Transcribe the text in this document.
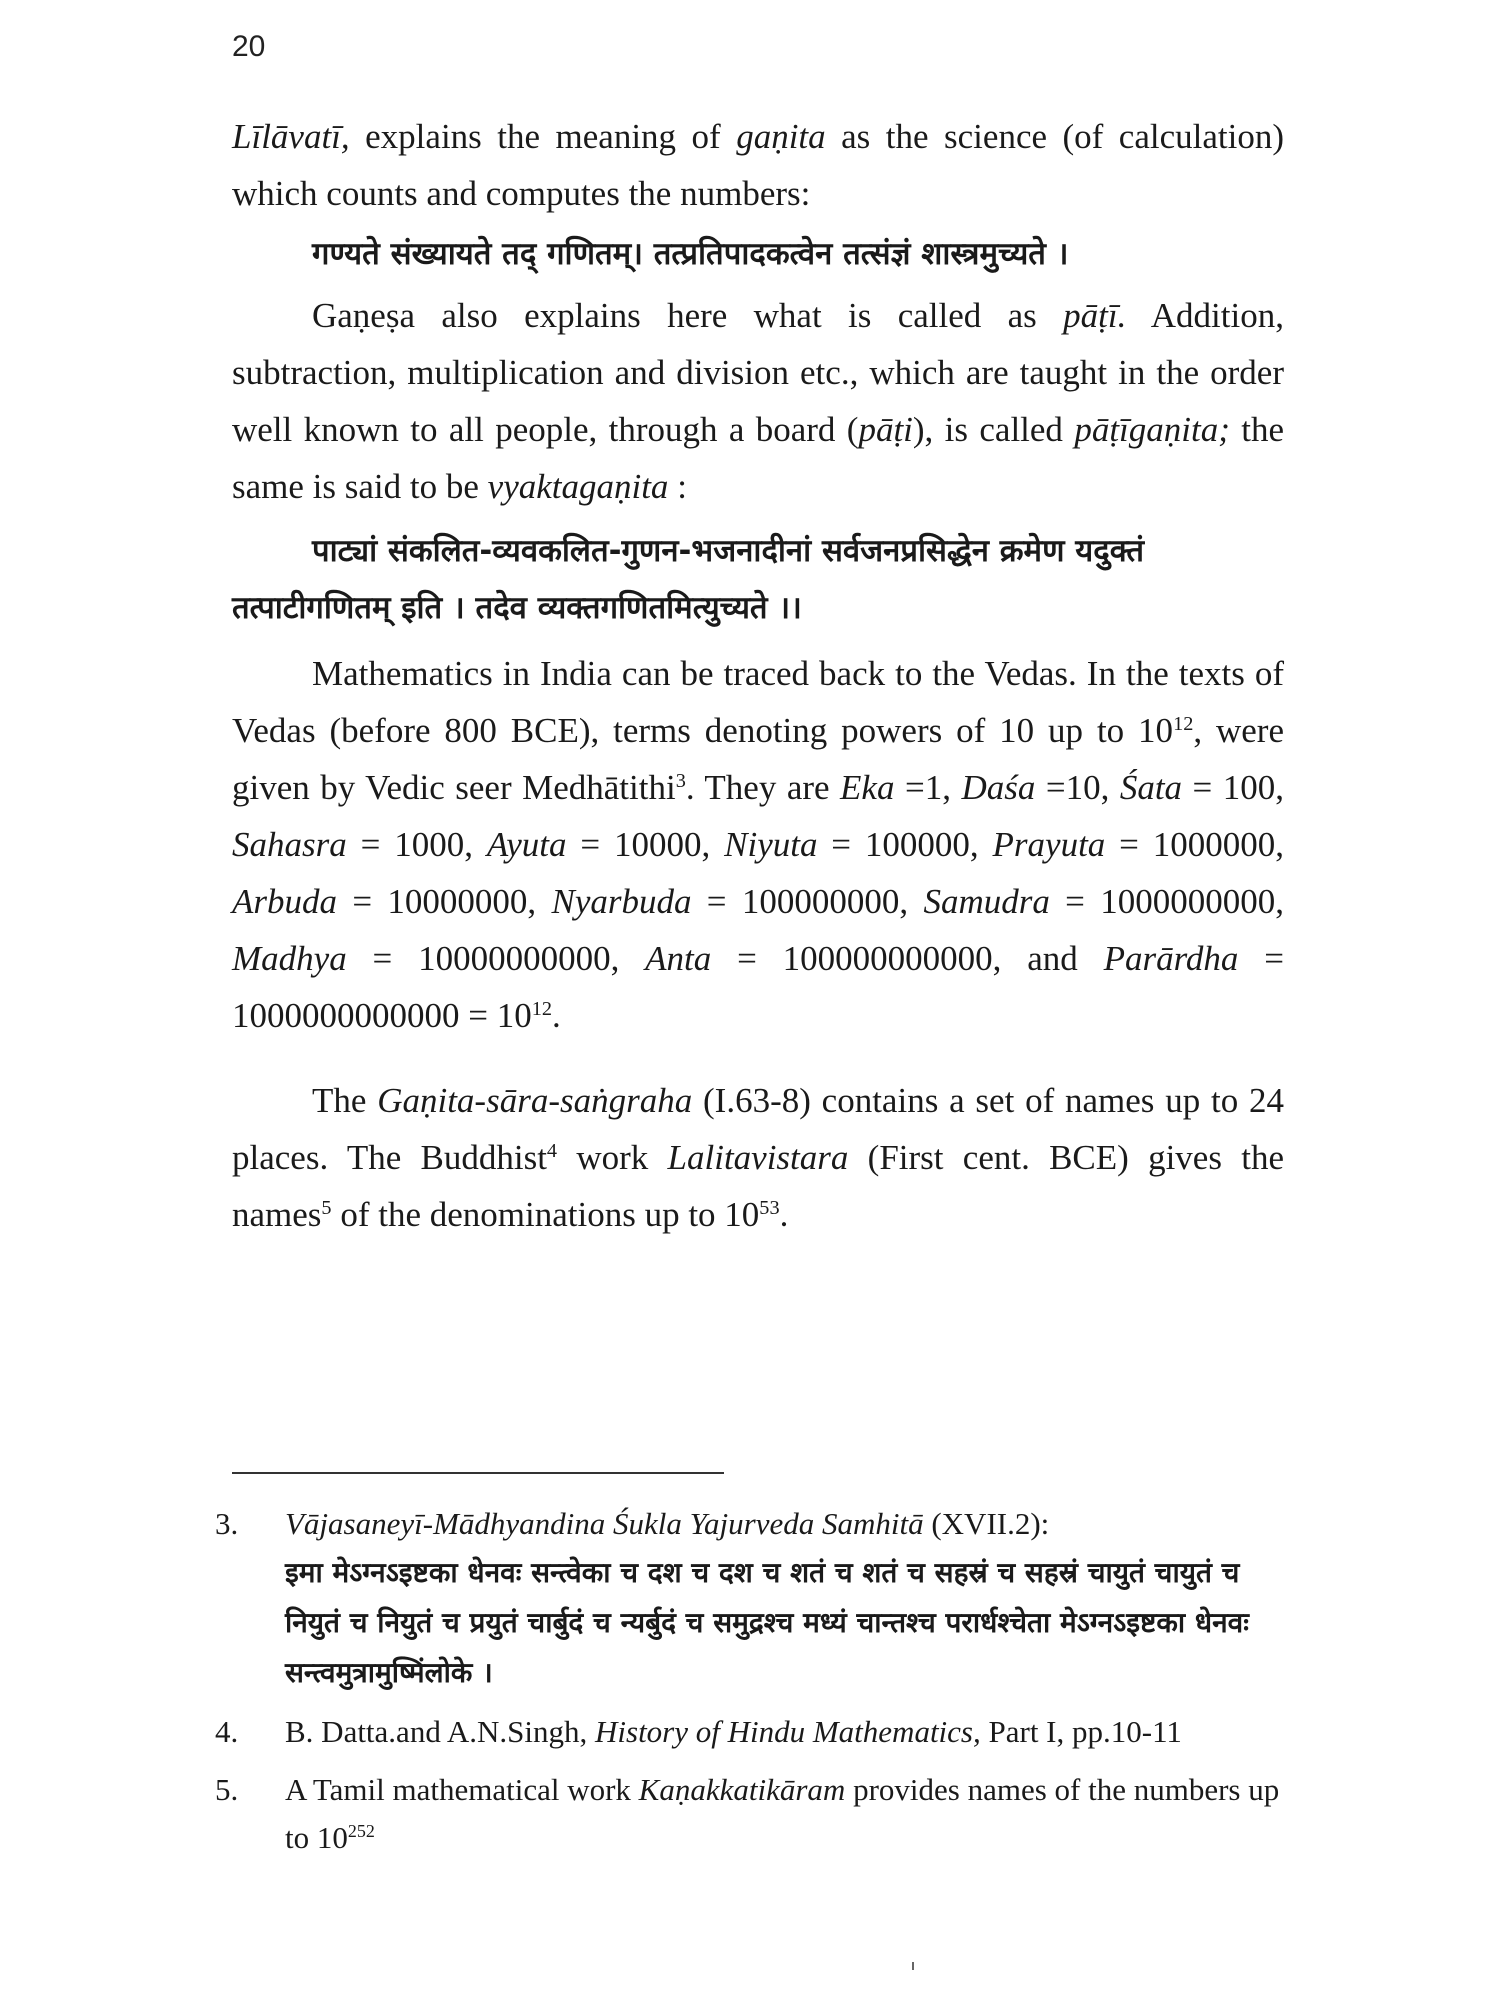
20

Līlāvatī, explains the meaning of gaṇita as the science (of calculation) which counts and computes the numbers:

गण्यते संख्यायते तद् गणितम्। तत्प्रतिपादकत्वेन तत्संज्ञं शास्त्रमुच्यते ।

Gaṇeṣa also explains here what is called as pāṭī. Addition, subtraction, multiplication and division etc., which are taught in the order well known to all people, through a board (pāṭi), is called pāṭīgaṇita; the same is said to be vyaktagaṇita :

पाट्यां संकलित-व्यवकलित-गुणन-भजनादीनां सर्वजनप्रसिद्धेन क्रमेण यदुक्तं
तत्पाटीगणितम् इति । तदेव व्यक्तगणितमित्युच्यते ।।

Mathematics in India can be traced back to the Vedas. In the texts of Vedas (before 800 BCE), terms denoting powers of 10 up to $10^{12}$, were given by Vedic seer Medhātithi$^3$. They are Eka =1, Daśa =10, Śata = 100, Sahasra = 1000, Ayuta = 10000, Niyuta = 100000, Prayuta = 1000000, Arbuda = 10000000, Nyarbuda = 100000000, Samudra = 1000000000, Madhya = 10000000000, Anta = 100000000000, and Parārdha = $1000000000000 = 10^{12}$.

The Gaṇita-sāra-saṅgraha (I.63-8) contains a set of names up to 24 places. The Buddhist$^4$ work Lalitavistara (First cent. BCE) gives the names$^5$ of the denominations up to $10^{53}$.

3.	Vājasaneyī-Mādhyandina Śukla Yajurveda Samhitā (XVII.2):
इमा मेऽग्नऽइष्टका धेनवः सन्त्वेका च दश च दश च शतं च शतं च सहस्रं च सहस्रं चायुतं चायुतं च नियुतं च नियुतं च प्रयुतं चार्बुदं च न्यर्बुदं च समुद्रश्च मध्यं चान्तश्च परार्धश्चेता मेऽग्नऽइष्टका धेनवः सन्त्वमुत्रामुष्मिंलोके ।
4.	B. Datta.and A.N.Singh, History of Hindu Mathematics, Part I, pp.10-11
5.	A Tamil mathematical work Kaṇakkatikāram provides names of the numbers up to $10^{252}$
